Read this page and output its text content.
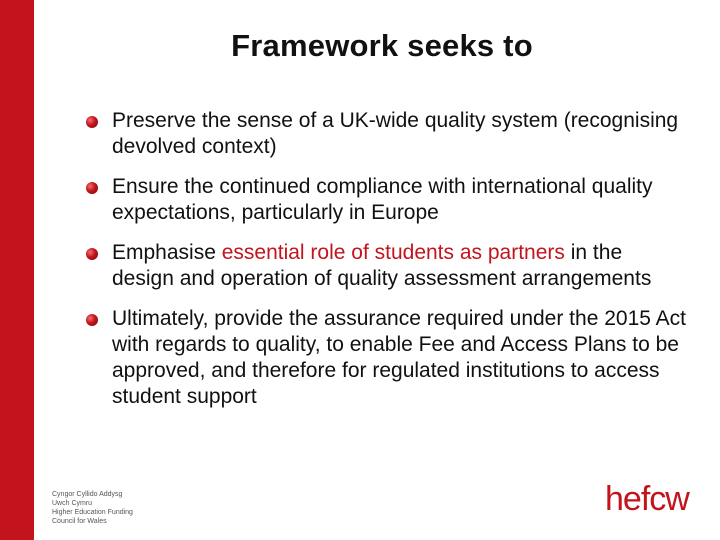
Framework seeks to
Preserve the sense of a UK-wide quality system (recognising devolved context)
Ensure the continued compliance with international quality expectations, particularly in Europe
Emphasise essential role of students as partners in the design and operation of quality assessment arrangements
Ultimately, provide the assurance required under the 2015 Act with regards to quality, to enable Fee and Access Plans to be approved, and therefore for regulated institutions to access student support
Cyngor Cyllido Addysg
Uwch Cymru
Higher Education Funding
Council for Wales
hefcw
